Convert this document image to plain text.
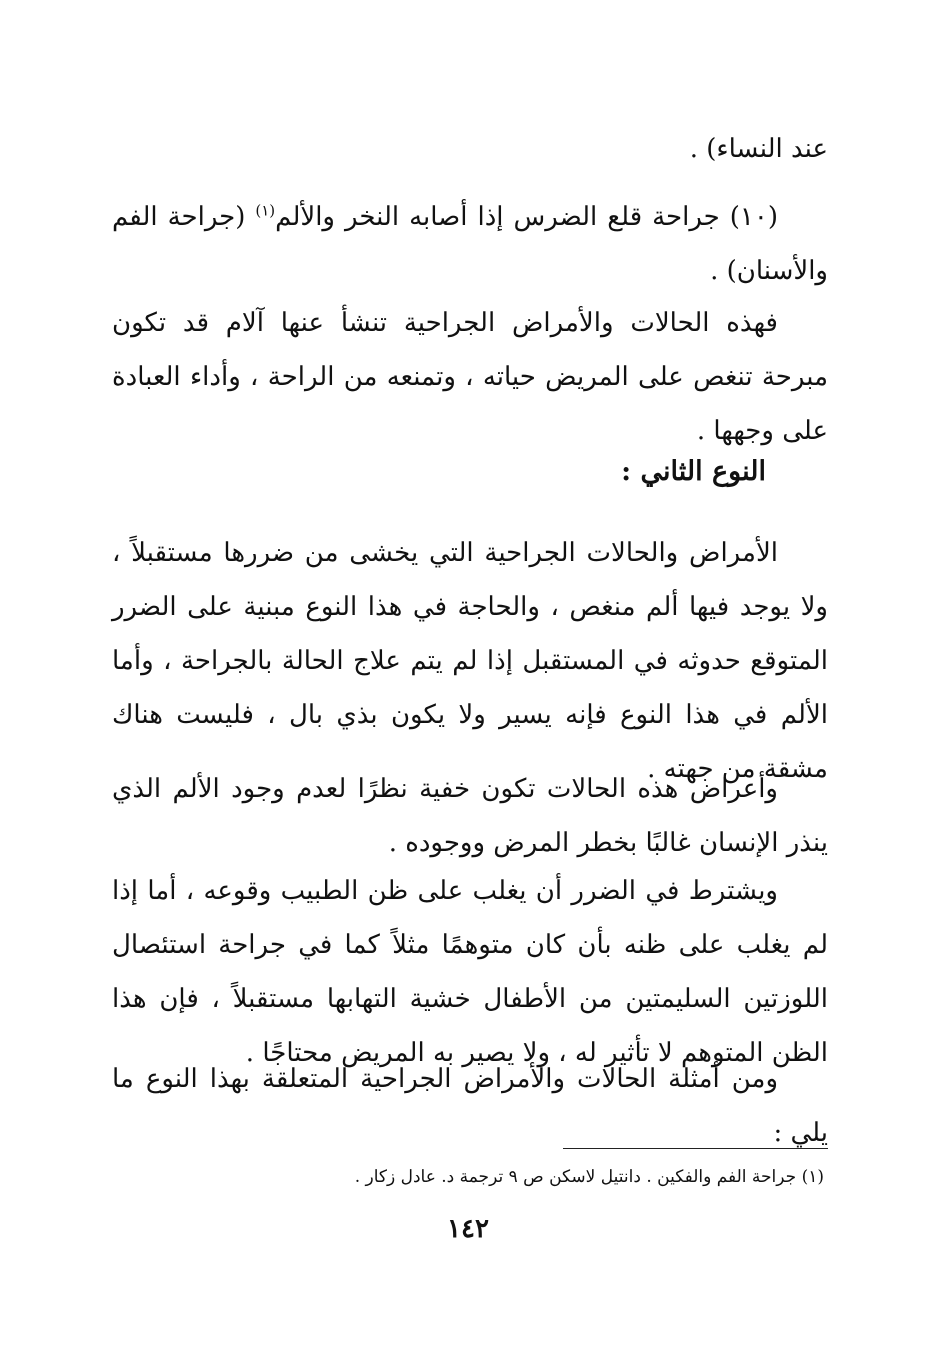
عند النساء) .

(١٠) جراحة قلع الضرس إذا أصابه النخر والألم$^{(١)}$ (جراحة الفم والأسنان) .

فهذه الحالات والأمراض الجراحية تنشأ عنها آلام قد تكون مبرحة تنغص على المريض حياته ، وتمنعه من الراحة ، وأداء العبادة على وجهها .

النوع الثاني :

الأمراض والحالات الجراحية التي يخشى من ضررها مستقبلاً ، ولا يوجد فيها ألم منغص ، والحاجة في هذا النوع مبنية على الضرر المتوقع حدوثه في المستقبل إذا لم يتم علاج الحالة بالجراحة ، وأما الألم في هذا النوع فإنه يسير ولا يكون بذي بال ، فليست هناك مشقة من جهته .

وأعراض هذه الحالات تكون خفية نظرًا لعدم وجود الألم الذي ينذر الإنسان غالبًا بخطر المرض ووجوده .

ويشترط في الضرر أن يغلب على ظن الطبيب وقوعه ، أما إذا لم يغلب على ظنه بأن كان متوهمًا مثلاً كما في جراحة استئصال اللوزتين السليمتين من الأطفال خشية التهابها مستقبلاً ، فإن هذا الظن المتوهم لا تأثير له ، ولا يصير به المريض محتاجًا .

ومن أمثلة الحالات والأمراض الجراحية المتعلقة بهذا النوع ما يلي :

(١) جراحة الفم والفكين . دانتيل لاسكن ص ٩ ترجمة د. عادل زكار .

١٤٢
